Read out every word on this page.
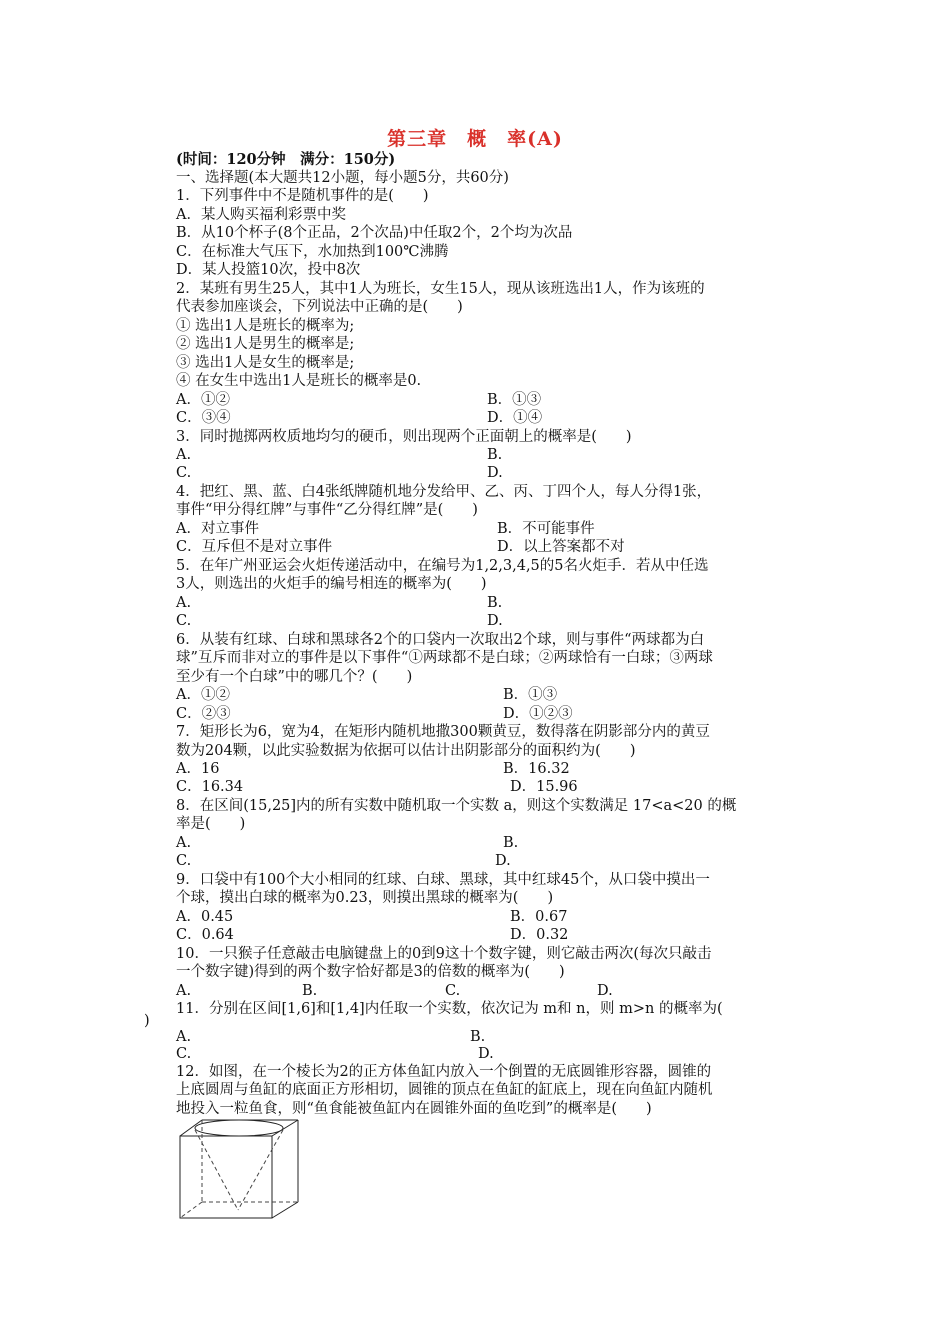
第三章　概　率(A)
(时间：120分钟　满分：150分)
一、选择题(本大题共12小题，每小题5分，共60分)
1．下列事件中不是随机事件的是(　　)
A．某人购买福利彩票中奖
B．从10个杯子(8个正品，2个次品)中任取2个，2个均为次品
C．在标准大气压下，水加热到100℃沸腾
D．某人投篮10次，投中8次
2．某班有男生25人，其中1人为班长，女生15人，现从该班选出1人，作为该班的
代表参加座谈会，下列说法中正确的是(　　)
① 选出1人是班长的概率为;
② 选出1人是男生的概率是;
③ 选出1人是女生的概率是;
④ 在女生中选出1人是班长的概率是0.
A．①②	B．①③
C．③④	D．①④
3．同时抛掷两枚质地均匀的硬币，则出现两个正面朝上的概率是(　　)
A.	B.
C.	D.
4．把红、黑、蓝、白4张纸牌随机地分发给甲、乙、丙、丁四个人，每人分得1张，
事件“甲分得红牌”与事件“乙分得红牌”是(　　)
A．对立事件	B．不可能事件
C．互斥但不是对立事件	D．以上答案都不对
5．在年广州亚运会火炬传递活动中，在编号为1,2,3,4,5的5名火炬手．若从中任选
3人，则选出的火炬手的编号相连的概率为(　　)
A.	B.
C.	D.
6．从装有红球、白球和黑球各2个的口袋内一次取出2个球，则与事件“两球都为白
球”互斥而非对立的事件是以下事件“①两球都不是白球；②两球恰有一白球；③两球
至少有一个白球”中的哪几个？(　　)
A．①②	B．①③
C．②③	D．①②③
7．矩形长为6，宽为4，在矩形内随机地撒300颗黄豆，数得落在阴影部分内的黄豆
数为204颗，以此实验数据为依据可以估计出阴影部分的面积约为(　　)
A．16	B．16.32
C．16.34	D．15.96
8．在区间(15,25]内的所有实数中随机取一个实数 a，则这个实数满足 17<a<20 的概
率是(　　)
A.	B.
C.	D.
9．口袋中有100个大小相同的红球、白球、黑球，其中红球45个，从口袋中摸出一
个球，摸出白球的概率为0.23，则摸出黑球的概率为(　　)
A．0.45	B．0.67
C．0.64	D．0.32
10．一只猴子任意敲击电脑键盘上的0到9这十个数字键，则它敲击两次(每次只敲击
一个数字键)得到的两个数字恰好都是3的倍数的概率为(　　)
A.	B.	C.	D.
11．分别在区间[1,6]和[1,4]内任取一个实数，依次记为 m和 n，则 m>n 的概率为(
)
A.	B.
C.	D.
12．如图，在一个棱长为2的正方体鱼缸内放入一个倒置的无底圆锥形容器，圆锥的
上底圆周与鱼缸的底面正方形相切，圆锥的顶点在鱼缸的缸底上，现在向鱼缸内随机
地投入一粒鱼食，则“鱼食能被鱼缸内在圆锥外面的鱼吃到”的概率是(　　)
